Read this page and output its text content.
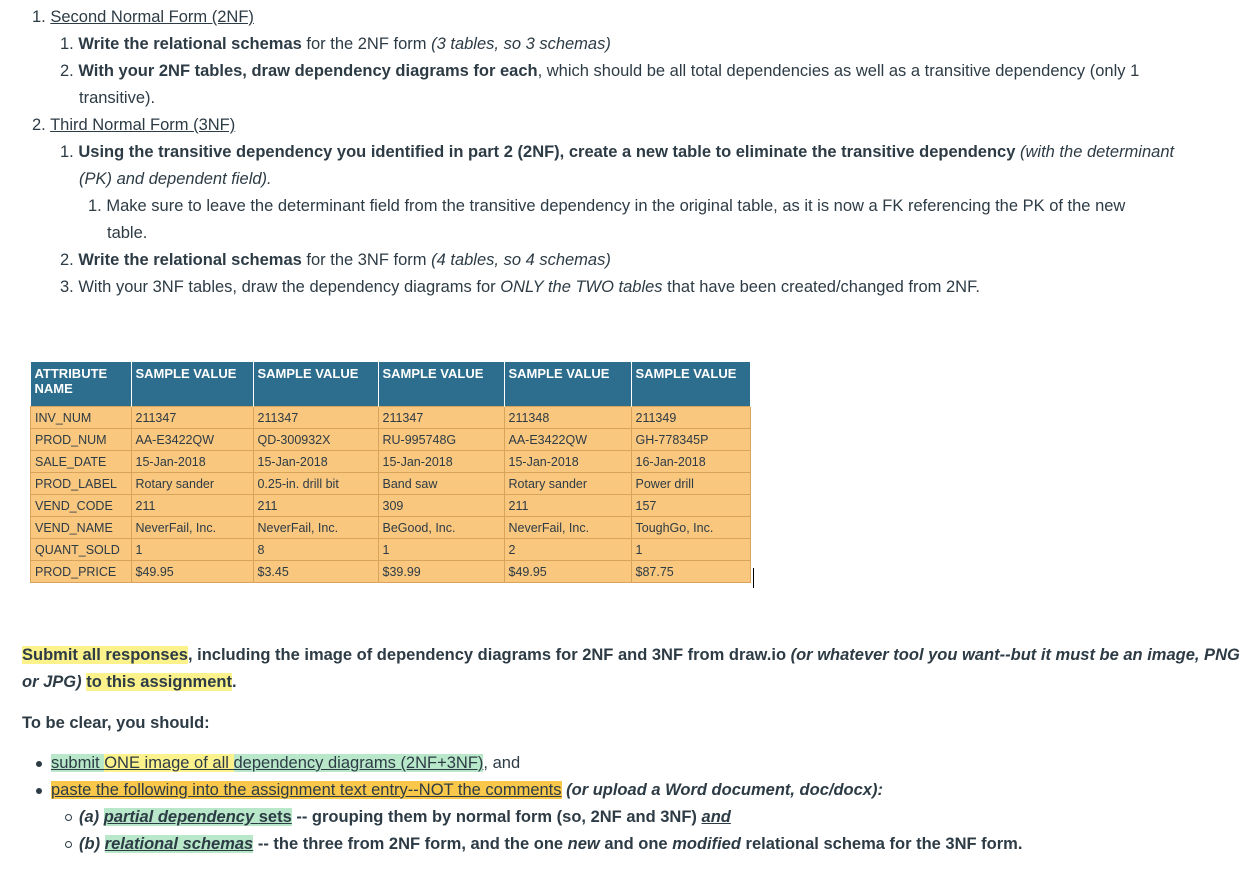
1. Second Normal Form (2NF)
1. Write the relational schemas for the 2NF form (3 tables, so 3 schemas)
2. With your 2NF tables, draw dependency diagrams for each, which should be all total dependencies as well as a transitive dependency (only 1
transitive).
2. Third Normal Form (3NF)
1. Using the transitive dependency you identified in part 2 (2NF), create a new table to eliminate the transitive dependency (with the determinant
(PK) and dependent field).
1. Make sure to leave the determinant field from the transitive dependency in the original table, as it is now a FK referencing the PK of the new
table.
2. Write the relational schemas for the 3NF form (4 tables, so 4 schemas)
3. With your 3NF tables, draw the dependency diagrams for ONLY the TWO tables that have been created/changed from 2NF.
ATTRIBUTE NAME	SAMPLE VALUE	SAMPLE VALUE	SAMPLE VALUE	SAMPLE VALUE	SAMPLE VALUE
INV_NUM	211347	211347	211347	211348	211349
PROD_NUM	AA-E3422QW	QD-300932X	RU-995748G	AA-E3422QW	GH-778345P
SALE_DATE	15-Jan-2018	15-Jan-2018	15-Jan-2018	15-Jan-2018	16-Jan-2018
PROD_LABEL	Rotary sander	0.25-in. drill bit	Band saw	Rotary sander	Power drill
VEND_CODE	211	211	309	211	157
VEND_NAME	NeverFail, Inc.	NeverFail, Inc.	BeGood, Inc.	NeverFail, Inc.	ToughGo, Inc.
QUANT_SOLD	1	8	1	2	1
PROD_PRICE	$49.95	$3.45	$39.99	$49.95	$87.75
Submit all responses, including the image of dependency diagrams for 2NF and 3NF from draw.io (or whatever tool you want--but it must be an image, PNG
or JPG) to this assignment.
To be clear, you should:
submit ONE image of all dependency diagrams (2NF+3NF), and
paste the following into the assignment text entry--NOT the comments (or upload a Word document, doc/docx):
(a) partial dependency sets -- grouping them by normal form (so, 2NF and 3NF) and
(b) relational schemas -- the three from 2NF form, and the one new and one modified relational schema for the 3NF form.
